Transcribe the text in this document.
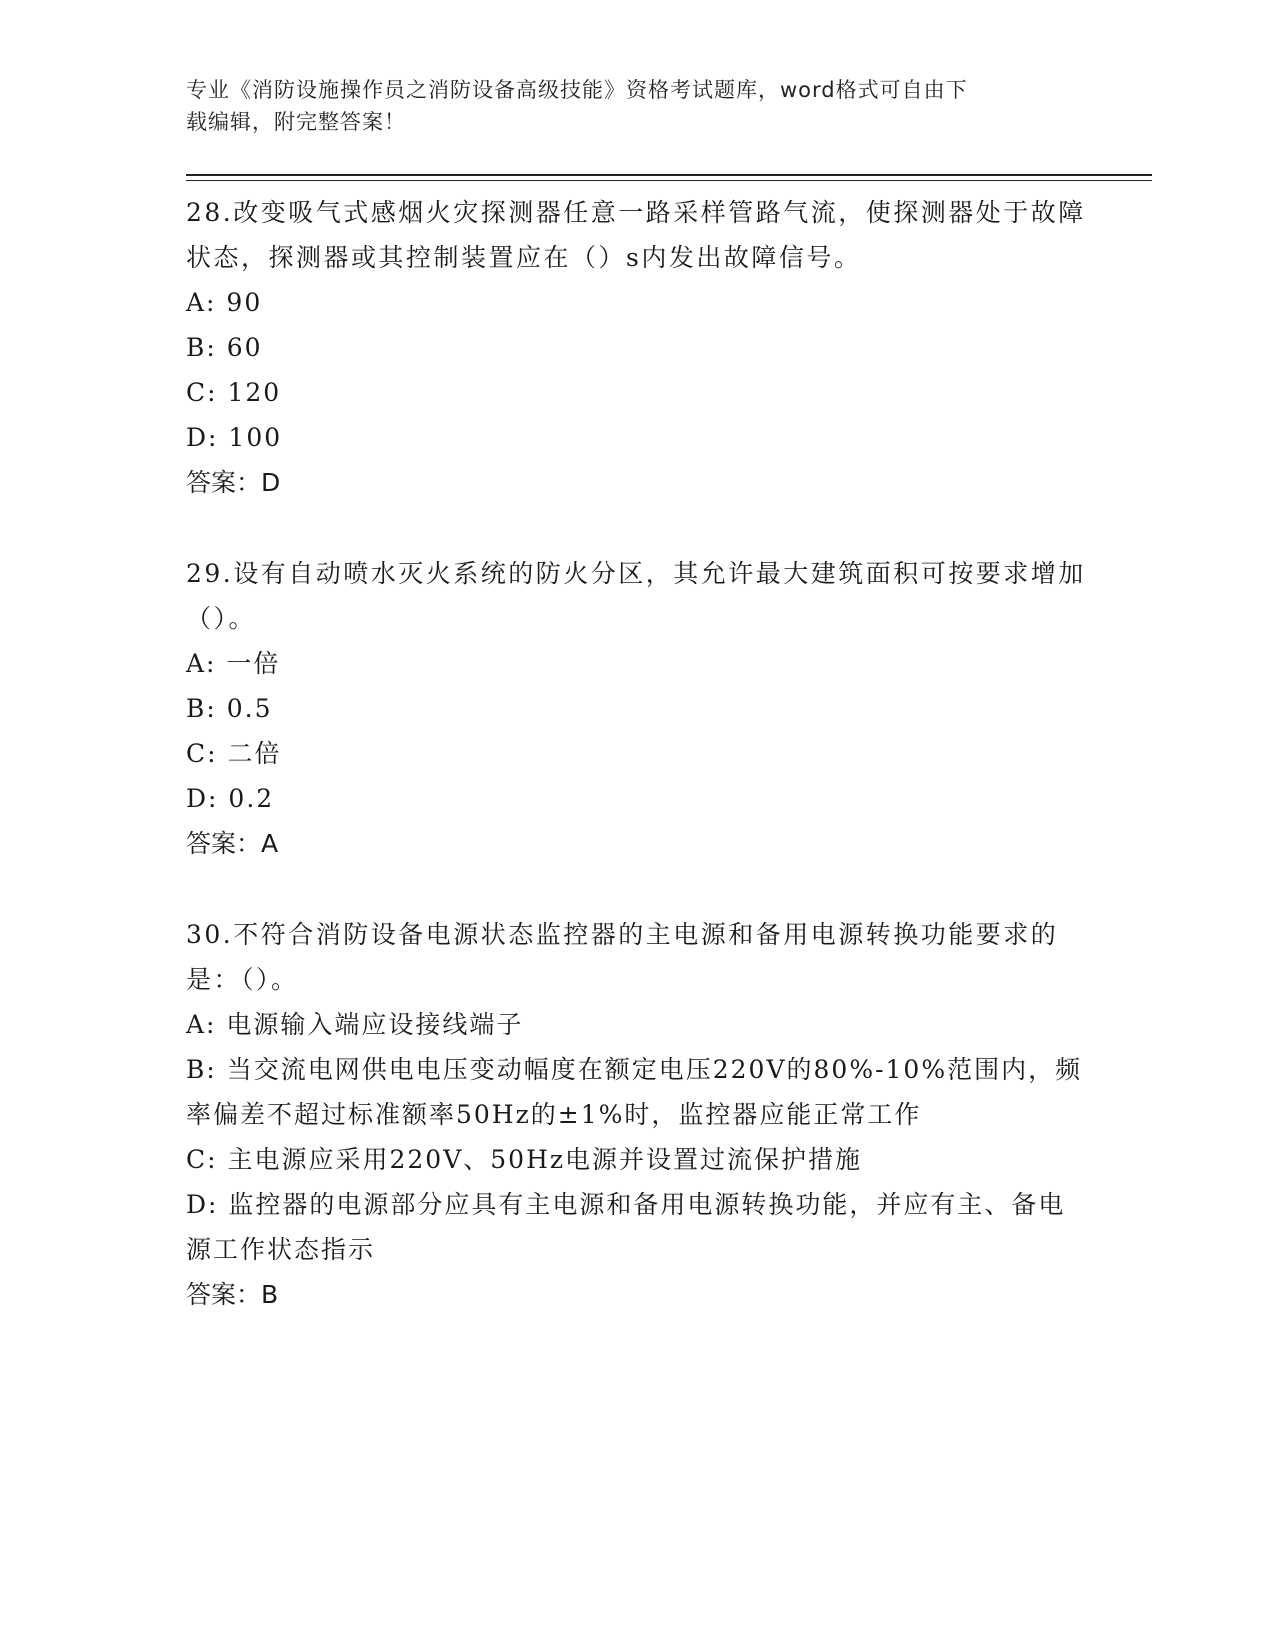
专业《消防设施操作员之消防设备高级技能》资格考试题库，word格式可自由下
载编辑，附完整答案！

28.改变吸气式感烟火灾探测器任意一路采样管路气流，使探测器处于故障状态，探测器或其控制装置应在（）s内发出故障信号。

A: 90

B: 60

C: 120

D: 100

答案：D

29.设有自动喷水灭火系统的防火分区，其允许最大建筑面积可按要求增加（）。

A: 一倍

B: 0.5

C: 二倍

D: 0.2

答案：A

30.不符合消防设备电源状态监控器的主电源和备用电源转换功能要求的是：（）。

A: 电源输入端应设接线端子

B: 当交流电网供电电压变动幅度在额定电压220V的80%-10%范围内，频率偏差不超过标准额率50Hz的±1%时，监控器应能正常工作

C: 主电源应采用220V、50Hz电源并设置过流保护措施

D: 监控器的电源部分应具有主电源和备用电源转换功能，并应有主、备电源工作状态指示

答案：B
